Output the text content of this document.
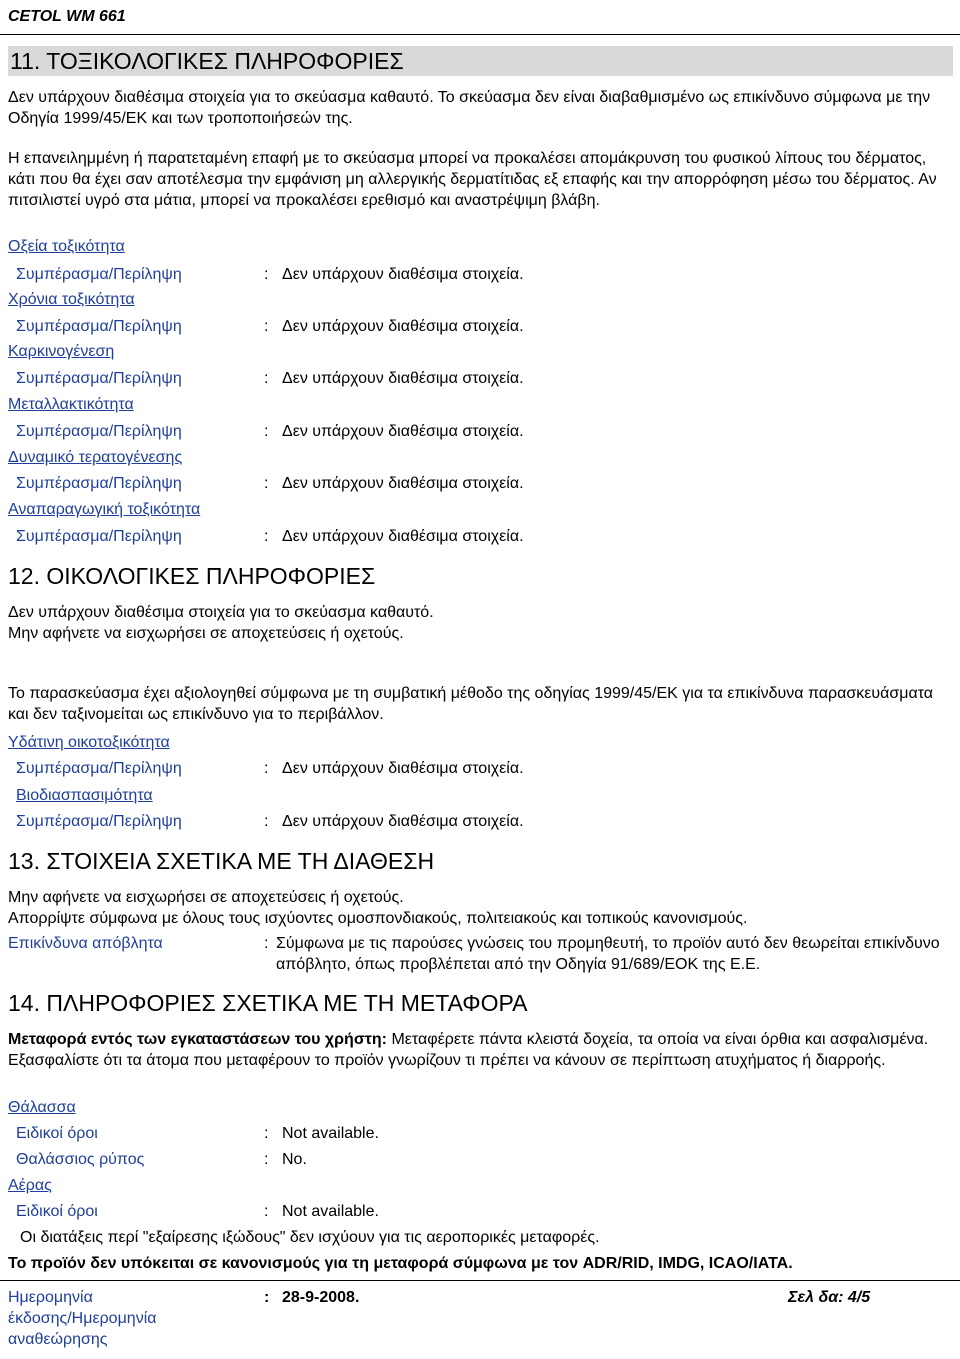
CETOL WM 661
11. ΤΟΞΙΚΟΛΟΓΙΚΕΣ ΠΛΗΡΟΦΟΡΙΕΣ
Δεν υπάρχουν διαθέσιμα στοιχεία για το σκεύασμα καθαυτό. Το σκεύασμα δεν είναι διαβαθμισμένο ως επικίνδυνο σύμφωνα με την Οδηγία 1999/45/ΕΚ και των τροποποιήσεών της.
Η επανειλημμένη ή παρατεταμένη επαφή με το σκεύασμα μπορεί να προκαλέσει απομάκρυνση του φυσικού λίπους του δέρματος, κάτι που θα έχει σαν αποτέλεσμα την εμφάνιση μη αλλεργικής δερματίτιδας εξ επαφής και την απορρόφηση μέσω του δέρματος. Αν πιτσιλιστεί υγρό στα μάτια, μπορεί να προκαλέσει ερεθισμό και αναστρέψιμη βλάβη.
Οξεία τοξικότητα
Συμπέρασμα/Περίληψη	: Δεν υπάρχουν διαθέσιμα στοιχεία.
Χρόνια τοξικότητα
Συμπέρασμα/Περίληψη	: Δεν υπάρχουν διαθέσιμα στοιχεία.
Καρκινογένεση
Συμπέρασμα/Περίληψη	: Δεν υπάρχουν διαθέσιμα στοιχεία.
Μεταλλακτικότητα
Συμπέρασμα/Περίληψη	: Δεν υπάρχουν διαθέσιμα στοιχεία.
Δυναμικό τερατογένεσης
Συμπέρασμα/Περίληψη	: Δεν υπάρχουν διαθέσιμα στοιχεία.
Αναπαραγωγική τοξικότητα
Συμπέρασμα/Περίληψη	: Δεν υπάρχουν διαθέσιμα στοιχεία.
12. ΟΙΚΟΛΟΓΙΚΕΣ ΠΛΗΡΟΦΟΡΙΕΣ
Δεν υπάρχουν διαθέσιμα στοιχεία για το σκεύασμα καθαυτό.
Μην αφήνετε να εισχωρήσει σε αποχετεύσεις ή οχετούς.
Το παρασκεύασμα έχει αξιολογηθεί σύμφωνα με τη συμβατική μέθοδο της οδηγίας 1999/45/ΕΚ για τα επικίνδυνα παρασκευάσματα και δεν ταξινομείται ως επικίνδυνο για το περιβάλλον.
Υδάτινη οικοτοξικότητα
Συμπέρασμα/Περίληψη	: Δεν υπάρχουν διαθέσιμα στοιχεία.
Βιοδιασπασιμότητα
Συμπέρασμα/Περίληψη	: Δεν υπάρχουν διαθέσιμα στοιχεία.
13. ΣΤΟΙΧΕΙΑ ΣΧΕΤΙΚΑ ΜΕ ΤΗ ΔΙΑΘΕΣΗ
Μην αφήνετε να εισχωρήσει σε αποχετεύσεις ή οχετούς.
Απορρίψτε σύμφωνα με όλους τους ισχύοντες ομοσπονδιακούς, πολιτειακούς και τοπικούς κανονισμούς.
Επικίνδυνα απόβλητα	: Σύμφωνα με τις παρούσες γνώσεις του προμηθευτή, το προϊόν αυτό δεν θεωρείται επικίνδυνο απόβλητο, όπως προβλέπεται από την Οδηγία 91/689/ΕΟΚ της Ε.Ε.
14. ΠΛΗΡΟΦΟΡΙΕΣ ΣΧΕΤΙΚΑ ΜΕ ΤΗ ΜΕΤΑΦΟΡΑ
Μεταφορά εντός των εγκαταστάσεων του χρήστη: Μεταφέρετε πάντα κλειστά δοχεία, τα οποία να είναι όρθια και ασφαλισμένα. Εξασφαλίστε ότι τα άτομα που μεταφέρουν το προϊόν γνωρίζουν τι πρέπει να κάνουν σε περίπτωση ατυχήματος ή διαρροής.
Θάλασσα
Ειδικοί όροι	: Not available.
Θαλάσσιος ρύπος	: No.
Αέρας
Ειδικοί όροι	: Not available.
Οι διατάξεις περί "εξαίρεσης ιξώδους" δεν ισχύουν για τις αεροπορικές μεταφορές.
Το προϊόν δεν υπόκειται σε κανονισμούς για τη μεταφορά σύμφωνα με τον ADR/RID, IMDG, ICAO/IATA.
Ημερομηνία
έκδοσης/Ημερομηνία
αναθεώρησης
: 28-9-2008.	Σελ δα: 4/5
